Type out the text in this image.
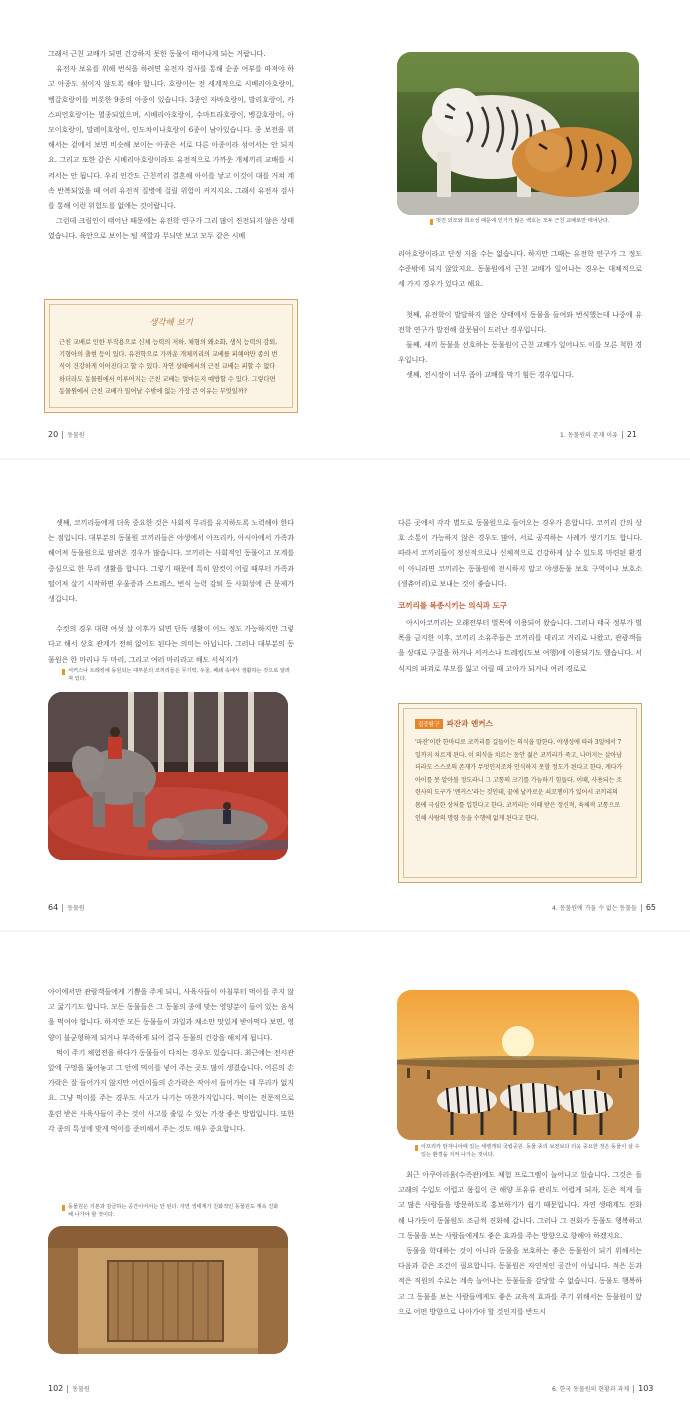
그래서 근친 교배가 되면 건강하지 못한 동물이 태어나게 되는 거랍니다.

유전자 보유를 위해 번식을 하려면 유전자 검사를 통해 순종 여부를 따져야 하고 아종도 섞이지 않도록 해야 합니다. 호랑이는 전 세계적으로 시베리아호랑이, 벵갈호랑이를 비롯한 9종의 아종이 있습니다. 3종인 자바호랑이, 발리호랑이, 카스피언호랑이는 멸종되었으며, 시베리아호랑이, 수마트라호랑이, 벵갈호랑이, 아모이호랑이, 말레이호랑이, 인도차이나호랑이 6종이 남아있습니다. 종 보전을 위해서는 겉에서 보면 비슷해 보이는 아종은 서로 다른 아종이라 섞어서는 안 되지요. 그리고 또한 같은 시베리아호랑이라도 유전적으로 가까운 개체끼리 교배를 시켜서는 안 됩니다. 우리 인간도 근친끼리 결혼해 아이를 낳고 이것이 대를 거쳐 계속 반복되었을 때 여러 유전적 질병에 걸릴 위험이 커지지요. 그래서 유전자 검사를 통해 이런 위험도를 없애는 것이랍니다.

그런데 크림인이 태어난 때문에는 유전학 연구가 그리 많이 진전되지 않은 상태였습니다. 육안으로 보이는 털 색깔과 무늬만 보고 모두 같은 시베

생각해 보기
근친 교배로 인한 부작용으로 신체 능력의 저하, 체형의 왜소화, 생식 능력의 감퇴, 기형아의 출현 등이 있다. 유전학으로 가까운 개체끼리의 교배를 피해야만 종의 번식이 건강하게 이어진다고 할 수 있다. 자연 상태에서의 근친 교배는 피할 수 없다 하더라도 동물원에서 이루어지는 근친 교배는 얼마든지 예방할 수 있다. 그렇다면 동물원에서 근친 교배가 일어날 수밖에 없는 가장 큰 이유는 무엇일까?
20 동물원
멋진 외모와 희소성 때문에 인기가 많은 백호는 모두 근친 교배로만 태어난다.

리아호랑이라고 단정 지을 수는 없습니다. 하지만 그때는 유전학 연구가 그 정도 수준밖에 되지 않았지요. 동물원에서 근친 교배가 일어나는 경우는 대체적으로 세 가지 경우가 있다고 해요.

첫째, 유전학이 발달하지 않은 상태에서 동물을 들여와 번식했는데 나중에 유전학 연구가 발전해 잘못됨이 드러난 경우입니다.

둘째, 새끼 동물을 선호하는 동물원이 근친 교배가 일어나도 이를 모른 척한 경우입니다.

셋째, 전시장이 너무 좁아 교배를 막기 힘든 경우입니다.

1. 동물원의 존재 이유 21

셋째, 코끼리들에게 더욱 중요한 것은 사회적 무리를 유지하도록 노력해야 한다는 점입니다. 대부분의 동물원 코끼리들은 야생에서 아프리카, 아시아에서 가족과 헤어져 동물원으로 팔려온 경우가 많습니다. 코끼리는 사회적인 동물이고 모계를 중심으로 한 무리 생활을 합니다. 그렇기 때문에 특히 암컷이 어릴 때부터 가족과 떨어져 살기 시작하면 우울증과 스트레스, 번식 능력 감퇴 등 사회성에 큰 문제가 생깁니다.

수컷의 경우 대략 여섯 살 이후가 되면 단독 생활이 어느 정도 가능하지만 그렇다고 해서 상호 관계가 전혀 없어도 된다는 의미는 아닙니다. 그러나 대부분의 동물원은 한 마리나 두 마리, 그리고 여러 마리라고 해도 서식지가

서커스나 트레킹에 동원되는 대부분의 코끼리들은 무기력, 우울, 폐쇄 속에서 생활하는 것으로 알려져 있다.
64 동물원

다른 곳에서 각각 별도로 동물원으로 들어오는 경우가 흔합니다. 코끼리 간의 상호 소통이 가능하지 않은 경우도 많아, 서로 공격하는 사례가 생기기도 합니다. 따라서 코끼리들이 정신적으로나 신체적으로 건강하게 살 수 있도록 마련된 환경이 아니라면 코끼리는 동물원에 전시하지 말고 야생동물 보호 구역이나 보호소(생츄어리)로 보내는 것이 좋습니다.

코끼리를 복종시키는 의식과 도구

아시아코끼리는 오래전부터 벌목에 이용되어 왔습니다. 그러나 태국 정부가 벌목을 금지한 이후, 코끼리 소유주들은 코끼리를 데리고 거리로 나왔고, 관광객들을 상대로 구걸을 하거나 서커스나 트레킹(도보 여행)에 이용되기도 했습니다. 서식지의 파괴로 부모를 잃고 어릴 때 고아가 되거나 여러 경로로

집중탐구 파잔과 엔커스
'파잔'이란 한마디로 코끼리를 길들이는 의식을 말한다. 야생성에 따라 3일에서 7일까지 치르게 된다. 이 의식을 치르는 동안 젊은 코끼리가 죽고, 나머지는 살아남더라도 스스로의 존재가 무엇인지조차 인식하지 못할 정도가 된다고 한다. 게다가 아이를 못 알아볼 정도라니 그 고통의 크기를 가늠하기 힘들다. 이때, 사용되는 조련사의 도구가 '엔커스'라는 것인데, 끝에 날카로운 쇠꼬챙이가 있어서 코끼리의 몸에 극심한 상처를 입힌다고 한다. 코끼리는 이때 받은 정신적, 육체적 고통으로 인해 사람의 명령 등을 수행에 없게 된다고 한다.
4. 동물원에 가둘 수 없는 동물들 65

아이에서만 관람객들에게 기쁨을 주게 되니, 사육사들이 아침부터 먹이를 주지 않고 굶기기도 합니다. 모든 동물들은 그 동물의 종에 맞는 영양분이 들어 있는 음식을 먹어야 합니다. 하지만 모든 동물들이 과일과 채소만 맛있게 받아먹다 보면, 영양이 불균형하게 되거나 부족하게 되어 결국 동물의 건강을 해치게 됩니다.

먹이 주기 체험전을 하다가 동물들이 다치는 경우도 있습니다. 최근에는 전시관 앞에 구멍을 뚫어놓고 그 안에 먹이를 넣어 주는 곳도 많이 생겼습니다. 어른의 손가락은 잘 들어가지 않지만 어린이들의 손가락은 작아서 들어가는 데 무리가 없지요. 그냥 먹이를 주는 경우도 사고가 나기는 마찬가지입니다. 먹이는 전문적으로 훈련 받은 사육사들이 주는 것이 사고를 줄일 수 있는 가장 좋은 방법입니다. 또한 각 종의 특성에 맞게 먹이를 준비해서 주는 것도 매우 중요합니다.

동물원은 기본과 감금하는 공간이어서는 안 된다. 자연 생태계가 친화적인 동물원도 계속 진화해 나가야 할 것이다.
102 동물원
아프리카 탄자니아에 있는 세렝게티 국립공원. 동물 종의 보전보다 더욱 중요한 것은 동물이 살 수 있는 환경을 지켜 나가는 것이다.

최근 아쿠아리움(수족관)에도 체험 프로그램이 늘어나고 있습니다. 그것은 돌고래의 수입도 어렵고 몸집이 큰 해양 포유류 관리도 어렵게 되자, 돈은 적게 들고 많은 사람들을 방문하도록 홍보하기가 쉽기 때문입니다. 자연 생태계도 진화해 나가듯이 동물원도 조금씩 진화해 갑니다. 그러나 그 진화가 동물도 행복하고 그 동물을 보는 사람들에게도 좋은 효과를 주는 방향으로 향해야 하겠지요.

동물을 학대하는 것이 아니라 동물을 보호하는 좋은 동물원이 되기 위해서는 다음과 같은 조건이 필요합니다. 동물원은 자연적인 공간이 아닙니다. 적은 돈과 적은 직원의 수로는 계속 늘어나는 동물들을 감당할 수 없습니다. 동물도 행복하고 그 동물을 보는 사람들에게도 좋은 교육적 효과를 주기 위해서는 동물원이 앞으로 어떤 방향으로 나아가야 할 것인지를 반드시

6. 한국 동물원의 현황과 과제 103
